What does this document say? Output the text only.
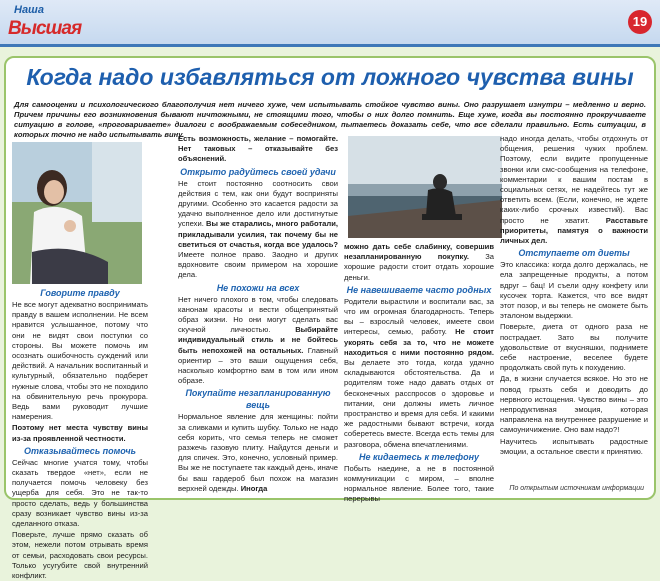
Наша
Высшая	19
Когда надо избавляться от ложного чувства вины
Для самооценки и психологического благополучия нет ничего хуже, чем испытывать стойкое чувство вины. Оно разрушает изнутри – медленно и верно. Причем причины его возникновения бывают ничтожными, не стоящими того, чтобы о них долго помнить. Еще хуже, когда вы постоянно прокручиваете ситуацию в голове, «проговариваете» диалоги с воображаемым собеседником, пытаетесь доказать себе, что все сделали правильно. Есть ситуации, в которых точно не надо испытывать вину.
Говорите правду

Не все могут адекватно воспринимать правду в вашем исполнении. Не всем нравится услышанное, потому что они не видят свои поступки со стороны. Вы можете помочь им осознать ошибочность суждений или действий. А начальник воспитанный и культурный, обязательно подберет нужные слова, чтобы это не походило на обвинительную речь прокурора. Ведь вами руководит лучшие намерения.

Поэтому нет места чувству вины из-за проявленной честности.

Отказывайтесь помочь

Сейчас многие учатся тому, чтобы сказать твердое «нет», если не получается помочь человеку без ущерба для себя. Это не так-то просто сделать, ведь у большинства сразу возникает чувство вины из-за сделанного отказа.

Поверьте, лучше прямо сказать об этом, нежели потом отрывать время от семьи, расходовать свои ресурсы. Только усугубите свой внутренний конфликт.

Есть возможность, желание – помогайте. Нет таковых – отказывайте без объяснений.

Открыто радуйтесь своей удачи

Не стоит постоянно соотносить свои действия с тем, как они будут восприняты другими. Особенно это касается радости за удачно выполненное дело или достигнутые успехи. Вы же старались, много работали, прикладывали усилия, так почему бы не светиться от счастья, когда все удалось? Имеете полное право. Заодно и других вдохновите своим примером на хорошие дела.

Не похожи на всех

Нет ничего плохого в том, чтобы следовать канонам красоты и вести общепринятый образ жизни. Но они могут сделать вас скучной личностью.	Выбирайте индивидуальный стиль и не бойтесь быть непохожей на остальных. Главный ориентир – это ваши ощущения себя, насколько комфортно вам в том или ином образе.

Покупайте незапланированную вещь

Нормальное явление для женщины: пойти за сливками и купить шубку. Только не надо себя корить, что семья теперь не сможет разжечь газовую плиту. Найдутся деньги и для спичек. Это, конечно, условный пример. Вы же не поступаете так каждый день, иначе бы ваш гардероб был похож на магазин верхней одежды. Иногда

можно дать себе слабинку, совершив незапланированную покупку. За хорошие радости стоит отдать хорошие деньги.

Не навешиваете часто родных

Родители вырастили и воспитали вас, за что им огромная благодарность. Теперь вы – взрослый человек, имеете свои интересы, семью, работу. Не стоит укорять себя за то, что не можете находиться с ними постоянно рядом. Вы делаете это тогда, когда удачно складываются обстоятельства. Да и родителям тоже надо давать отдых от бесконечных расспросов о здоровье и питании, они должны иметь личное пространство и время для себя. И какими же радостными бывают встречи, когда соберетесь вместе. Всегда есть темы для разговора, обмена впечатлениями.

Не кидаетесь к телефону

Побыть наедине, а не в постоянной коммуникации с миром, – вполне нормальное явление. Более того, такие перерывы

надо иногда делать, чтобы отдохнуть от общения, решения чужих проблем. Поэтому, если видите пропущенные звонки или смс-сообщения на телефоне, комментарии к вашим постам в социальных сетях, не надейтесь тут же ответить всем. (Если, конечно, не ждете каких-либо срочных известий). Вас просто не хватит. Расставьте приоритеты, памятуя о важности личных дел.

Отступаете от диеты

Это классика: когда долго держалась, не ела запрещенные продукты, а потом вдруг – бац! И съели одну конфету или кусочек торта. Кажется, что все видят этот позор, и вы теперь не сможете быть эталоном выдержки.

Поверьте, диета от одного раза не пострадает. Зато вы получите удовольствие от вкусняшки, поднимете себе настроение, веселее будете продолжать свой путь к похудению.

Да, в жизни случается всякое. Но это не повод грызть себя и доводить до нервного истощения. Чувство вины – это непродуктивная эмоция, которая направлена на внутреннее разрушение и самоуничижение. Оно вам надо?!

Научитесь испытывать радостные эмоции, а остальное свести к принятию.

По открытым источникам информации
